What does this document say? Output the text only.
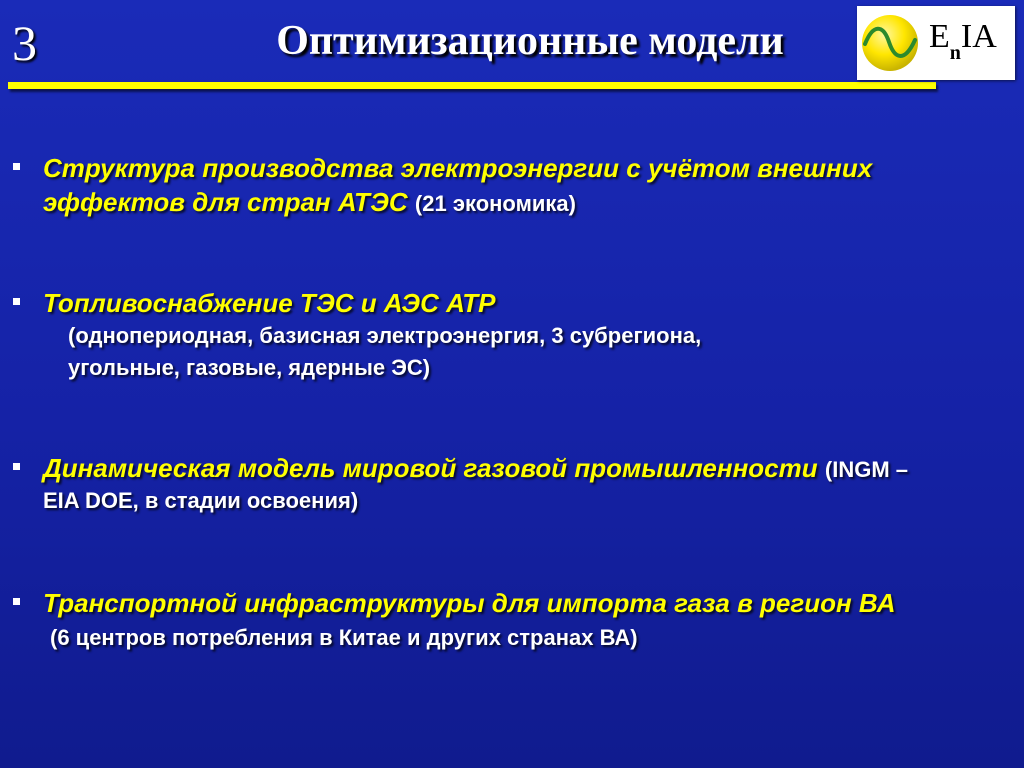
3	Оптимизационные модели	$E_nIA$
Структура производства электроэнергии с учётом внешних
эффектов для стран АТЭС (21 экономика)
Топливоснабжение ТЭС и АЭС АТР
(однопериодная, базисная электроэнергия, 3 субрегиона,
угольные, газовые, ядерные ЭС)
Динамическая модель мировой газовой промышленности (INGM –
EIA DOE, в стадии освоения)
Транспортной инфраструктуры для импорта газа в регион ВА
(6 центров потребления в Китае и других странах ВА)
